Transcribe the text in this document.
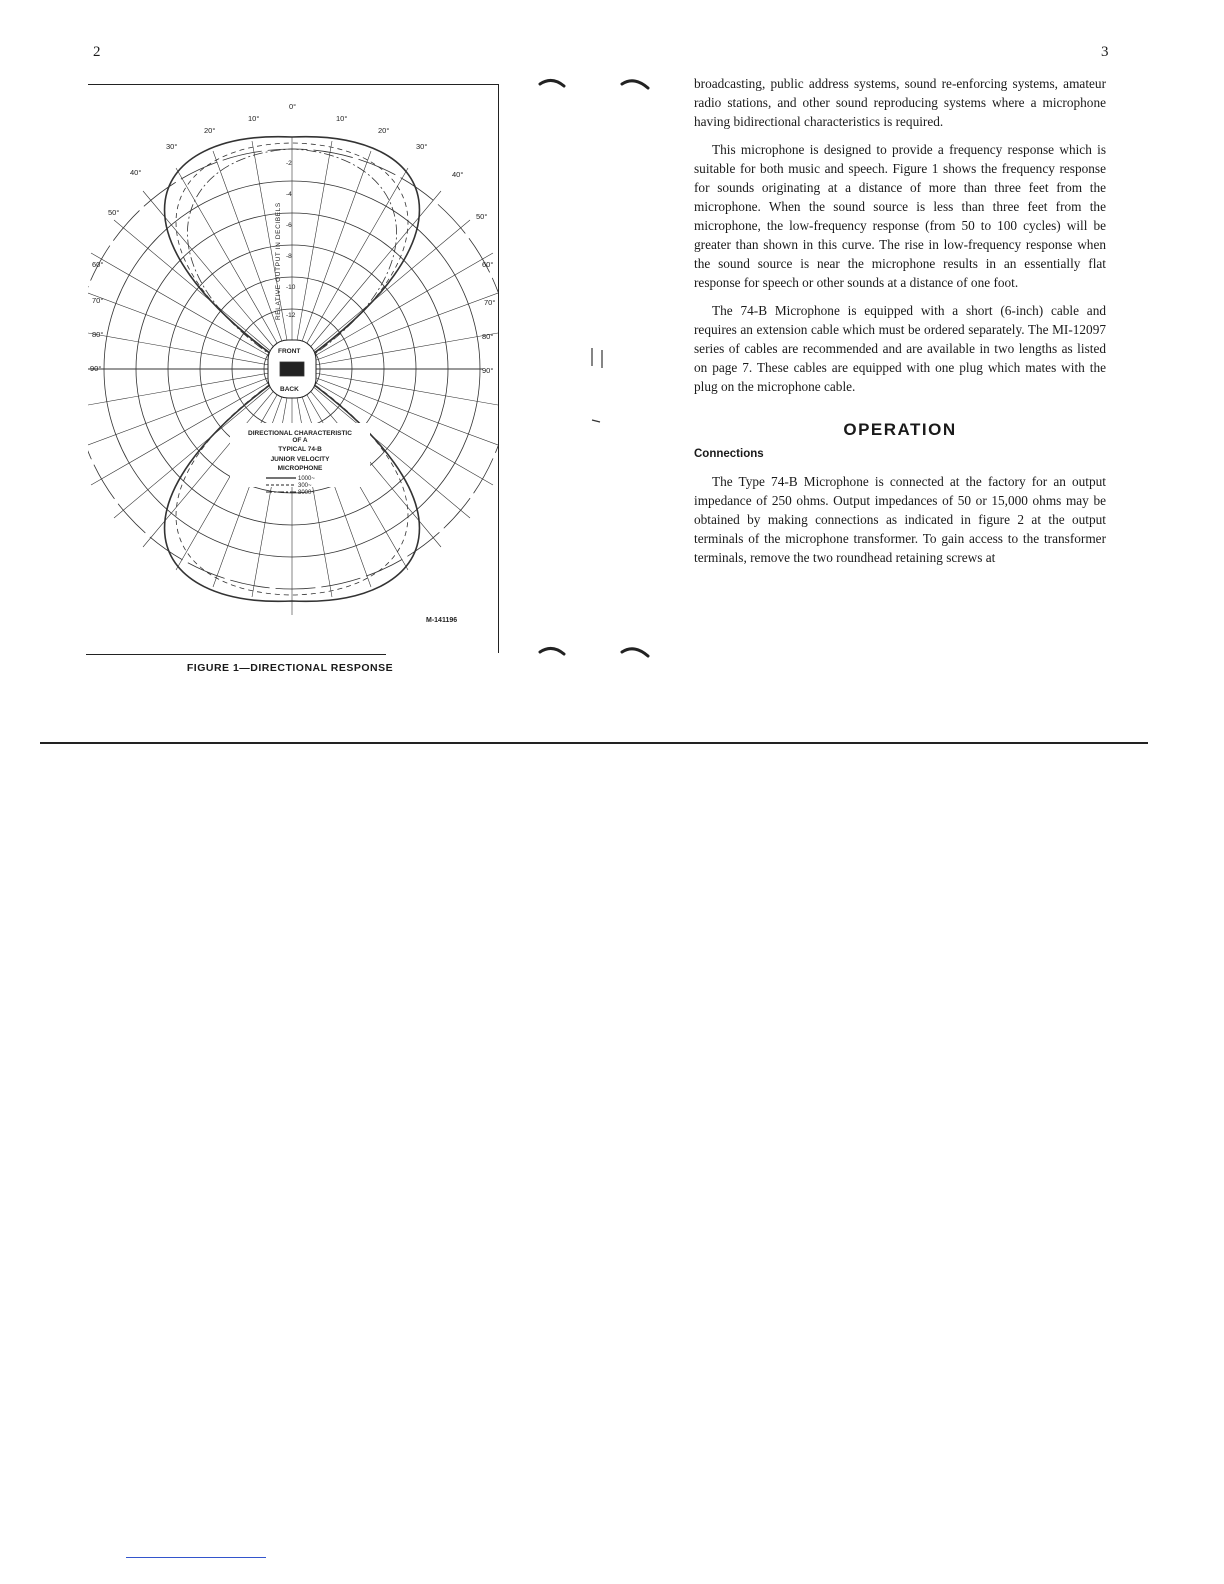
2	3
0°
10°
20°
30°
40°
50°
60°
70°
80°
90°
10°
20°
30°
40°
50°
60°
70°
80°
90°
RELATIVE OUTPUT IN DECIBELS
-2
-4
-6
-8
-10
-12
FRONT
BACK
DIRECTIONAL CHARACTERISTIC
OF A
TYPICAL 74-B
JUNIOR VELOCITY
MICROPHONE
1000~
300~
8000~
M-141196
FIGURE 1—DIRECTIONAL RESPONSE

broadcasting, public address systems, sound re-enforcing systems, amateur radio stations, and other sound reproducing systems where a microphone having bidirectional characteristics is required.

This microphone is designed to provide a frequency response which is suitable for both music and speech. Figure 1 shows the frequency response for sounds originating at a distance of more than three feet from the microphone. When the sound source is less than three feet from the microphone, the low-frequency response (from 50 to 100 cycles) will be greater than shown in this curve. The rise in low-frequency response when the sound source is near the microphone results in an essentially flat response for speech or other sounds at a distance of one foot.

The 74-B Microphone is equipped with a short (6-inch) cable and requires an extension cable which must be ordered separately. The MI-12097 series of cables are recommended and are available in two lengths as listed on page 7. These cables are equipped with one plug which mates with the plug on the microphone cable.

OPERATION
Connections

The Type 74-B Microphone is connected at the factory for an output impedance of 250 ohms. Output impedances of 50 or 15,000 ohms may be obtained by making connections as indicated in figure 2 at the output terminals of the microphone transformer. To gain access to the transformer terminals, remove the two roundhead retaining screws at
